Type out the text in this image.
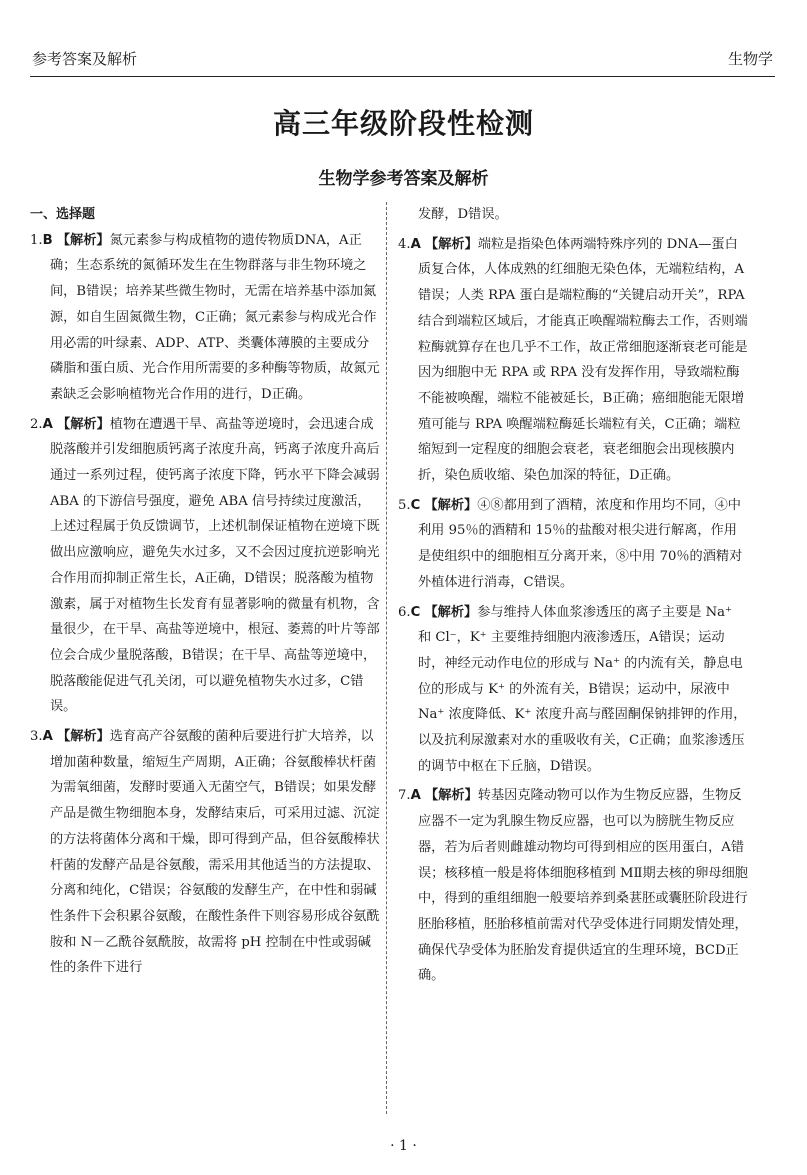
参考答案及解析	生物学
高三年级阶段性检测
生物学参考答案及解析
一、选择题

1.B 【解析】氮元素参与构成植物的遗传物质DNA，A正确；生态系统的氮循环发生在生物群落与非生物环境之间，B错误；培养某些微生物时，无需在培养基中添加氮源，如自生固氮微生物，C正确；氮元素参与构成光合作用必需的叶绿素、ADP、ATP、类囊体薄膜的主要成分磷脂和蛋白质、光合作用所需要的多种酶等物质，故氮元素缺乏会影响植物光合作用的进行，D正确。

2.A 【解析】植物在遭遇干旱、高盐等逆境时，会迅速合成脱落酸并引发细胞质钙离子浓度升高，钙离子浓度升高后通过一系列过程，使钙离子浓度下降，钙水平下降会减弱 ABA 的下游信号强度，避免 ABA 信号持续过度激活，上述过程属于负反馈调节，上述机制保证植物在逆境下既做出应激响应，避免失水过多，又不会因过度抗逆影响光合作用而抑制正常生长，A正确，D错误；脱落酸为植物激素，属于对植物生长发育有显著影响的微量有机物，含量很少，在干旱、高盐等逆境中，根冠、萎蔫的叶片等部位会合成少量脱落酸，B错误；在干旱、高盐等逆境中，脱落酸能促进气孔关闭，可以避免植物失水过多，C错误。

3.A 【解析】选育高产谷氨酸的菌种后要进行扩大培养，以增加菌种数量，缩短生产周期，A正确；谷氨酸棒状杆菌为需氧细菌，发酵时要通入无菌空气，B错误；如果发酵产品是微生物细胞本身，发酵结束后，可采用过滤、沉淀的方法将菌体分离和干燥，即可得到产品，但谷氨酸棒状杆菌的发酵产品是谷氨酸，需采用其他适当的方法提取、分离和纯化，C错误；谷氨酸的发酵生产，在中性和弱碱性条件下会积累谷氨酸，在酸性条件下则容易形成谷氨酰胺和 N－乙酰谷氨酰胺，故需将 pH 控制在中性或弱碱性的条件下进行

发酵，D错误。

4.A 【解析】端粒是指染色体两端特殊序列的 DNA—蛋白质复合体，人体成熟的红细胞无染色体，无端粒结构，A错误；人类 RPA 蛋白是端粒酶的“关键启动开关”，RPA 结合到端粒区域后，才能真正唤醒端粒酶去工作，否则端粒酶就算存在也几乎不工作，故正常细胞逐渐衰老可能是因为细胞中无 RPA 或 RPA 没有发挥作用，导致端粒酶不能被唤醒，端粒不能被延长，B正确；癌细胞能无限增殖可能与 RPA 唤醒端粒酶延长端粒有关，C正确；端粒缩短到一定程度的细胞会衰老，衰老细胞会出现核膜内折，染色质收缩、染色加深的特征，D正确。

5.C 【解析】④⑧都用到了酒精，浓度和作用均不同，④中利用 95％的酒精和 15％的盐酸对根尖进行解离，作用是使组织中的细胞相互分离开来，⑧中用 70％的酒精对外植体进行消毒，C错误。

6.C 【解析】参与维持人体血浆渗透压的离子主要是 Na⁺ 和 Cl⁻，K⁺ 主要维持细胞内液渗透压，A错误；运动时，神经元动作电位的形成与 Na⁺ 的内流有关，静息电位的形成与 K⁺ 的外流有关，B错误；运动中，尿液中 Na⁺ 浓度降低、K⁺ 浓度升高与醛固酮保钠排钾的作用，以及抗利尿激素对水的重吸收有关，C正确；血浆渗透压的调节中枢在下丘脑，D错误。

7.A 【解析】转基因克隆动物可以作为生物反应器，生物反应器不一定为乳腺生物反应器，也可以为膀胱生物反应器，若为后者则雌雄动物均可得到相应的医用蛋白，A错误；核移植一般是将体细胞移植到 MⅡ期去核的卵母细胞中，得到的重组细胞一般要培养到桑葚胚或囊胚阶段进行胚胎移植，胚胎移植前需对代孕受体进行同期发情处理，确保代孕受体为胚胎发育提供适宜的生理环境，BCD正确。

· 1 ·
